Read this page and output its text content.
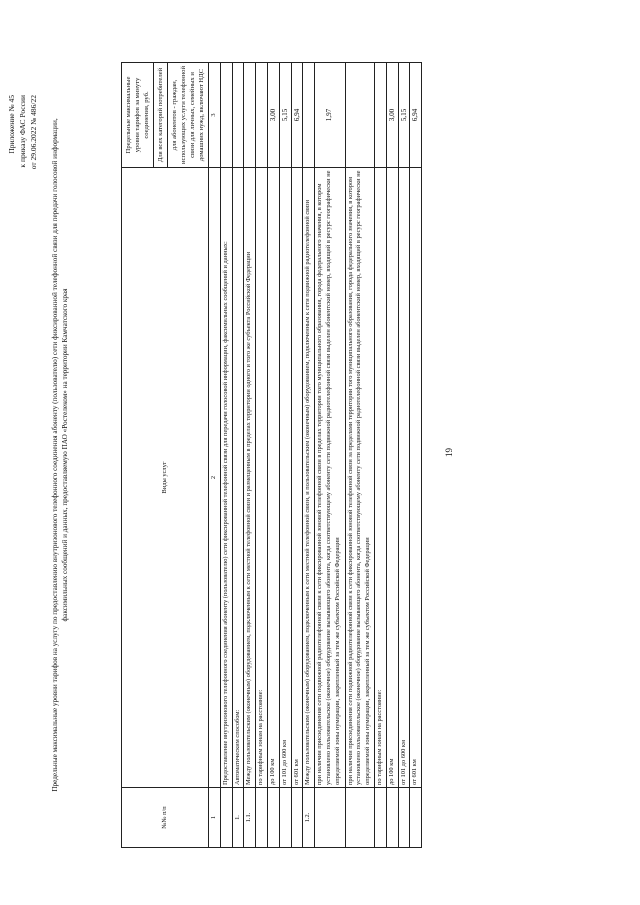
19
Приложение № 45 к приказу ФАС России от 29.06.2022 № 486/22 Предельные максимальные уровни тарифов на услугу по предоставлению внутризонового телефонного соединения абоненту (пользователю) сети фиксированной телефонной связи для передачи голосовой информации, факсимильных сообщений и данных, предоставляемую ПАО «Ростелеком» на территории Камчатского края
№№ п/п	Виды услуг	Предельные максимальные уровни тарифов за минуту соединения, руб.
		Для всех категорий потребителей
		для абонентов - граждан, использующих услуги телефонной связи для личных, семейных и домашних нужд, включают НДС
1	2	3
	Предоставление внутризонового телефонного соединения абоненту (пользователю) сети фиксированной телефонной связи для передачи голосовой информации, факсимильных сообщений и данных:	
1.	Автоматическим способом:	
1.1.	Между пользовательским (оконечным) оборудованием, подключенным к сети местной телефонной связи и размещенным в пределах территории одного и того же субъекта Российской Федерации	
	по тарифным зонам на расстояние:	
	до 100 км	3,00
	от 101 до 600 км	5,15
	от 601 км	6,94
1.2.	Между пользовательским (оконечным) оборудованием, подключенным к сети местной телефонной связи, и пользовательским (оконечным) оборудованием, подключенным к сети подвижной радиотелефонной связи	
	при наличии присоединения сети подвижной радиотелефонной связи к сети фиксированной зоновой телефонной связи в пределах территории того муниципального образования, города федерального значения, в котором установлено пользовательское (оконечное) оборудование вызывающего абонента, когда соответствующему абоненту сети подвижной радиотелефонной связи выделен абонентский номер, входящий в ресурс географически не определяемой зоны нумерации, закрепленный за тем же субъектом Российской Федерации	1,97
	при наличии присоединения сети подвижной радиотелефонной связи к сети фиксированной зоновой телефонной связи за пределами территории того муниципального образования, города федерального значения, в котором установлено пользовательское (оконечное) оборудование вызывающего абонента, когда соответствующему абоненту сети подвижной радиотелефонной связи выделен абонентский номер, входящий в ресурс географически не определяемой зоны нумерации, закрепленный за тем же субъектом Российской Федерации	
	по тарифным зонам на расстояние:	
	до 100 км	3,00
	от 101 до 600 км	5,15
	от 601 км	6,94
